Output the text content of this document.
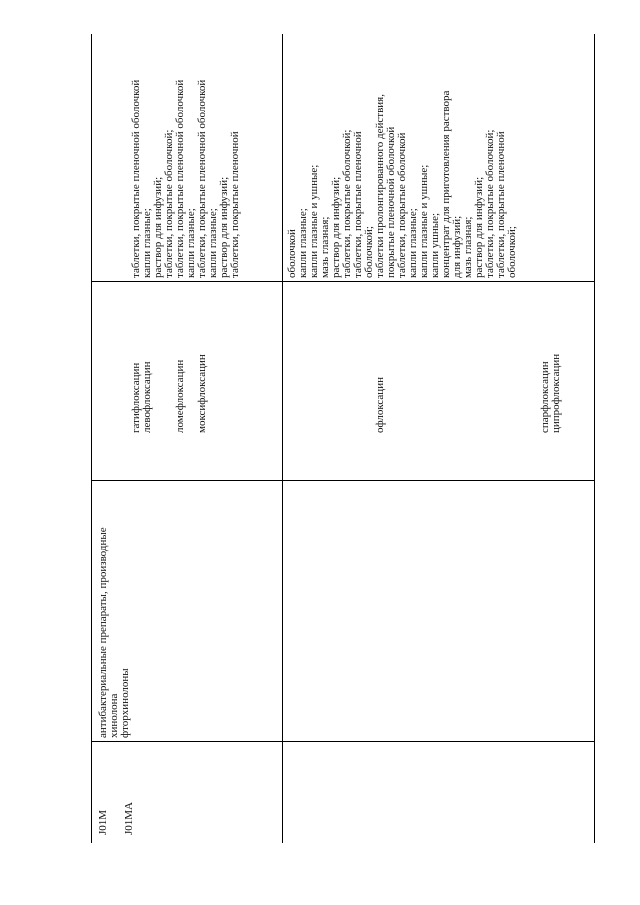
J01M J01MA
антибактериальные препараты, производные хинолона фторхинолоны
гатифлоксацин левофлоксацин ломефлоксацин моксифлоксацин
таблетки, покрытые пленочной оболочкой капли глазные; раствор для инфузий; таблетки, покрытые оболочкой; таблетки, покрытые пленочной оболочкой капли глазные; таблетки, покрытые пленочной оболочкой капли глазные; раствор для инфузий; таблетки, покрытые пленочной
офлоксацин	спарфлоксацин ципрофлоксацин
оболочкой капли глазные; капли глазные и ушные; мазь глазная; раствор для инфузий; таблетки, покрытые оболочкой; таблетки, покрытые пленочной оболочкой; таблетки пролонгированного действия, покрытые пленочной оболочкой таблетки, покрытые оболочкой капли глазные; капли глазные и ушные; капли ушные; концентрат для приготовления раствора для инфузий; мазь глазная; раствор для инфузий; таблетки, покрытые оболочкой; таблетки, покрытые пленочной оболочкой;
